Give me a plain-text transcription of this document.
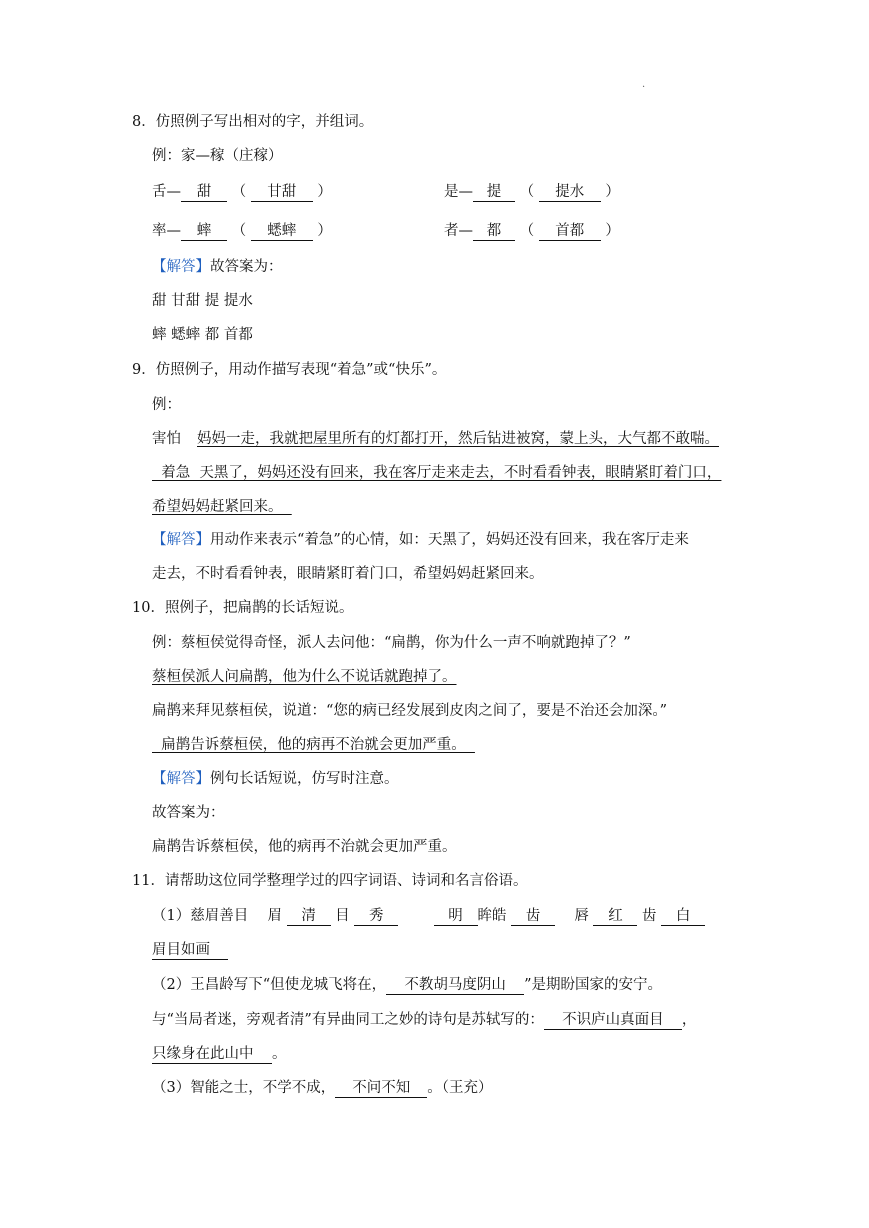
·
8．仿照例子写出相对的字，并组词。
例：家—稼（庄稼）
舌— 甜 （ 甘甜 ）	是— 提 （ 提水 ）
率— 蟀 （ 蟋蟀 ）	者— 都 （ 首都 ）
【解答】故答案为：
甜 甘甜 提 提水
蟀 蟋蟀 都 首都
9．仿照例子，用动作描写表现“着急”或“快乐”。
例：
害怕 妈妈一走，我就把屋里所有的灯都打开，然后钻进被窝，蒙上头，大气都不敢喘。
着急  天黑了，妈妈还没有回来，我在客厅走来走去，不时看看钟表，眼睛紧盯着门口，
希望妈妈赶紧回来。
【解答】用动作来表示“着急”的心情，如：天黑了，妈妈还没有回来，我在客厅走来
走去，不时看看钟表，眼睛紧盯着门口，希望妈妈赶紧回来。
10．照例子，把扁鹊的长话短说。
例：蔡桓侯觉得奇怪，派人去问他：“扁鹊，你为什么一声不响就跑掉了？”
蔡桓侯派人问扁鹊，他为什么不说话就跑掉了。
扁鹊来拜见蔡桓侯，说道：“您的病已经发展到皮肉之间了，要是不治还会加深。”
扁鹊告诉蔡桓侯，他的病再不治就会更加严重。
【解答】例句长话短说，仿写时注意。
故答案为：
扁鹊告诉蔡桓侯，他的病再不治就会更加严重。
11．请帮助这位同学整理学过的四字词语、诗词和名言俗语。
（1）慈眉善目 眉 清 目 秀	明 眸皓 齿 唇 红 齿 白
眉目如画
（2）王昌龄写下“但使龙城飞将在， 不教胡马度阴山 ”是期盼国家的安宁。
与“当局者迷，旁观者清”有异曲同工之妙的诗句是苏轼写的： 不识庐山真面目 ，
只缘身在此山中 。
（3）智能之士，不学不成， 不问不知 。（王充）
